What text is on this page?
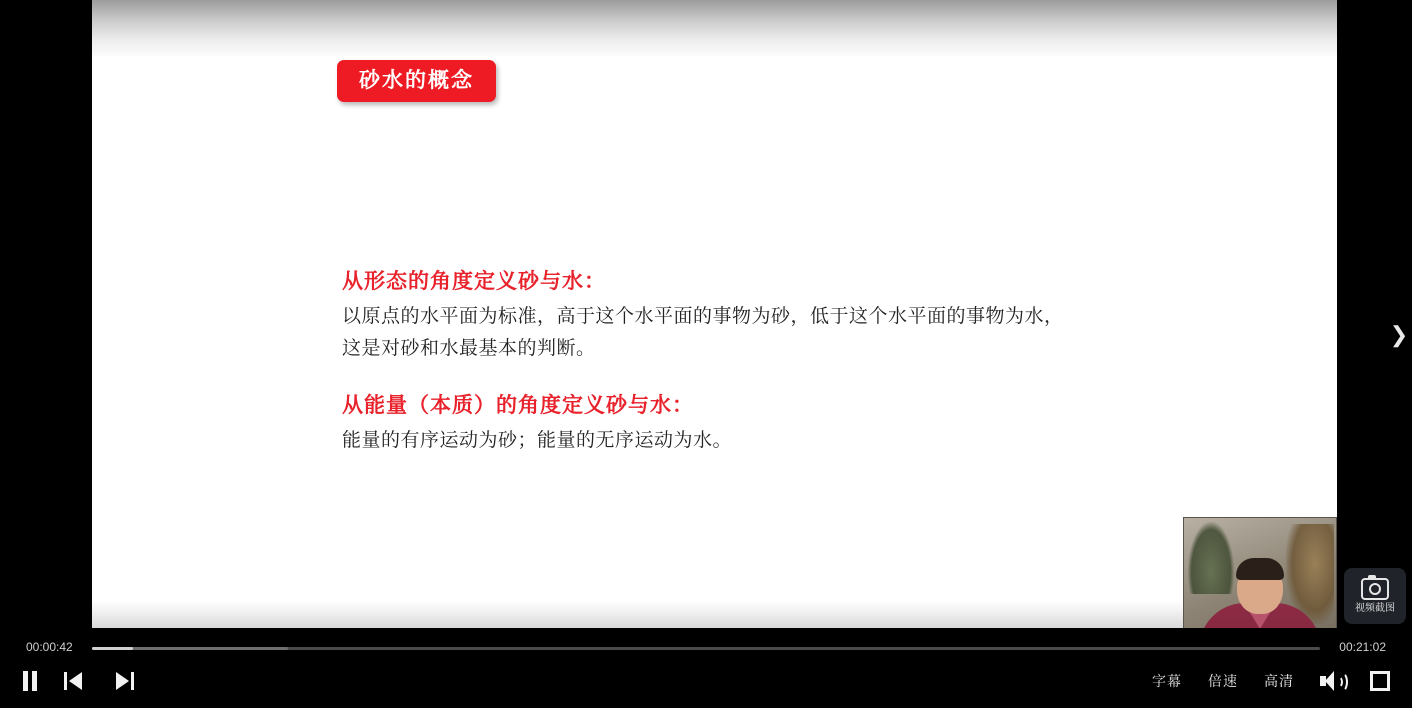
砂水的概念

从形态的角度定义砂与水：

以原点的水平面为标准，高于这个水平面的事物为砂，低于这个水平面的事物为水，这是对砂和水最基本的判断。

从能量（本质）的角度定义砂与水：

能量的有序运动为砂；能量的无序运动为水。

❯
视频截图
00:00:42	00:21:02
字幕 倍速 高清
